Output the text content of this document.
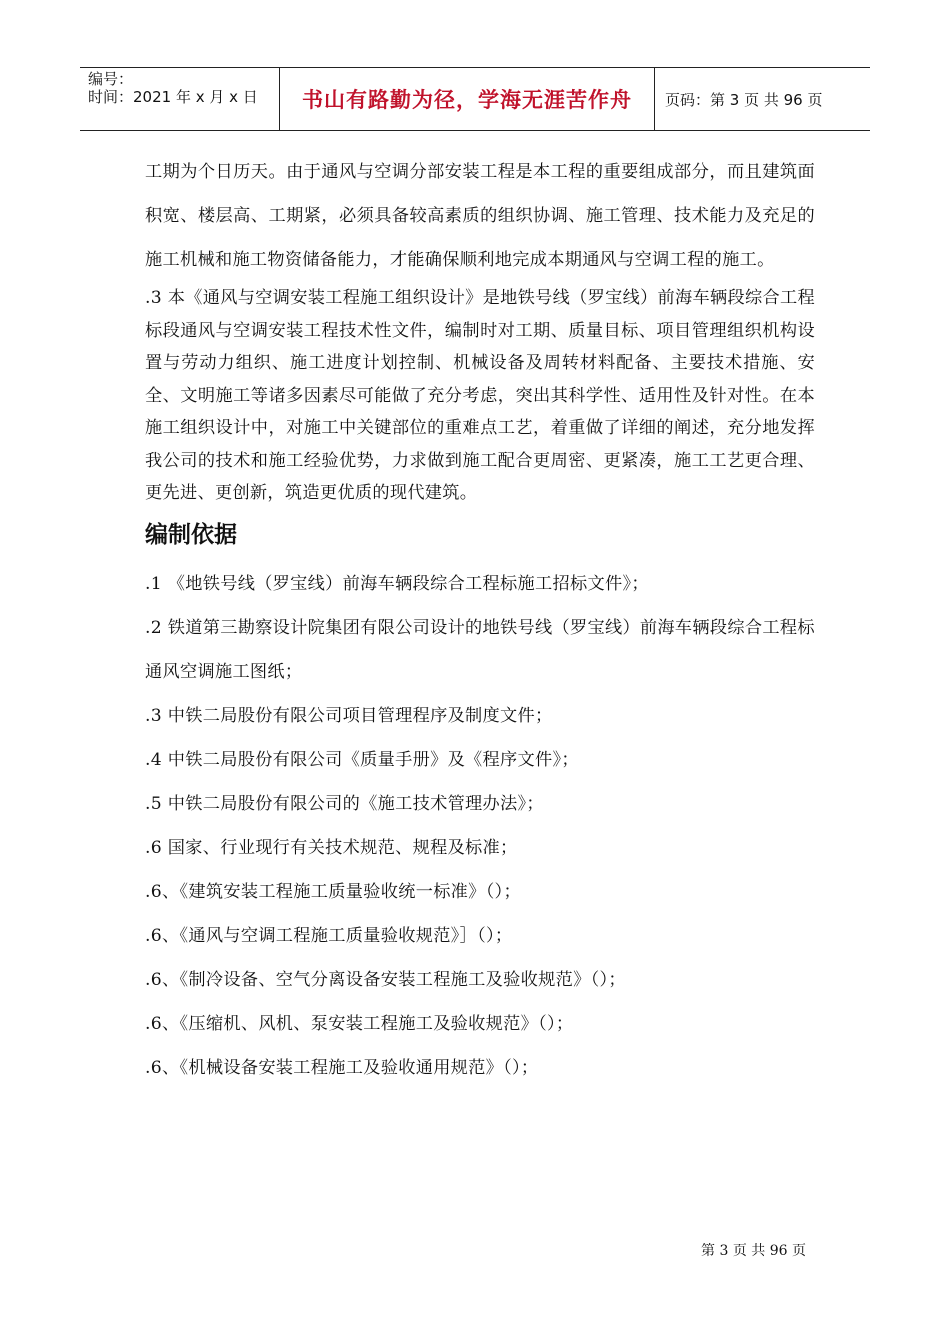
编号：
时间：2021 年 x 月 x 日	书山有路勤为径，学海无涯苦作舟	页码：第 3 页 共 96 页

工期为个日历天。由于通风与空调分部安装工程是本工程的重要组成部分，而且建筑面积宽、楼层高、工期紧，必须具备较高素质的组织协调、施工管理、技术能力及充足的施工机械和施工物资储备能力，才能确保顺利地完成本期通风与空调工程的施工。

.3 本《通风与空调安装工程施工组织设计》是地铁号线（罗宝线）前海车辆段综合工程标段通风与空调安装工程技术性文件，编制时对工期、质量目标、项目管理组织机构设置与劳动力组织、施工进度计划控制、机械设备及周转材料配备、主要技术措施、安全、文明施工等诸多因素尽可能做了充分考虑，突出其科学性、适用性及针对性。在本施工组织设计中，对施工中关键部位的重难点工艺，着重做了详细的阐述，充分地发挥我公司的技术和施工经验优势，力求做到施工配合更周密、更紧凑，施工工艺更合理、更先进、更创新，筑造更优质的现代建筑。

编制依据

.1 《地铁号线（罗宝线）前海车辆段综合工程标施工招标文件》；

.2 铁道第三勘察设计院集团有限公司设计的地铁号线（罗宝线）前海车辆段综合工程标通风空调施工图纸；

.3 中铁二局股份有限公司项目管理程序及制度文件；

.4 中铁二局股份有限公司《质量手册》及《程序文件》；

.5 中铁二局股份有限公司的《施工技术管理办法》；

.6 国家、行业现行有关技术规范、规程及标准；

.6、《建筑安装工程施工质量验收统一标准》（）；

.6、《通风与空调工程施工质量验收规范》］（）；

.6、《制冷设备、空气分离设备安装工程施工及验收规范》（）；

.6、《压缩机、风机、泵安装工程施工及验收规范》（）；

.6、《机械设备安装工程施工及验收通用规范》（）；

第 3 页 共 96 页
